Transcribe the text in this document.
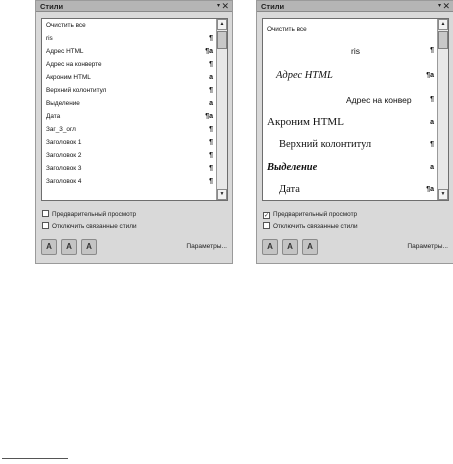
Стили	▾ ✕
Очистить все
ris	¶
Адрес HTML	¶a
Адрес на конверте	¶
Акроним HTML	a
Верхний колонтитул	¶
Выделение	a
Дата	¶a
Заг_3_огл	¶
Заголовок 1	¶
Заголовок 2	¶
Заголовок 3	¶
Заголовок 4	¶
▲
▼
Предварительный просмотр
Отключить связанные стили
A	A	A	Параметры...
Стили	▾ ✕
Очистить все
ris	¶
Адрес HTML	¶a
Адрес на конвер	¶
Акроним HTML	a
Верхний колонтитул	¶
Выделение	a
Дата	¶a
▲
▼
✓ Предварительный просмотр
Отключить связанные стили
A	A	A	Параметры...
